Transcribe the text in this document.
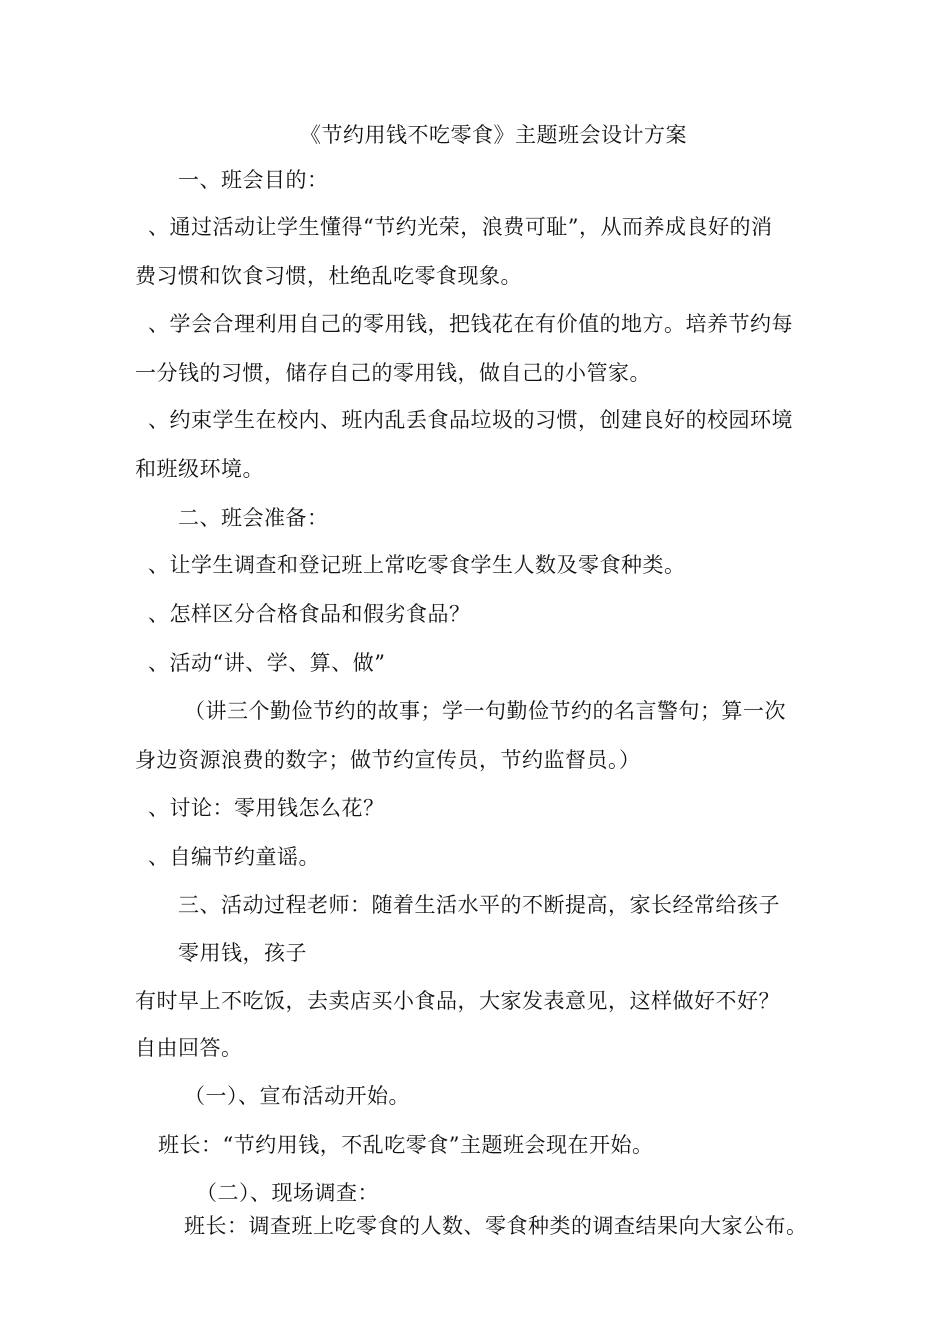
《节约用钱不吃零食》主题班会设计方案
一、班会目的：
、通过活动让学生懂得“节约光荣，浪费可耻”，从而养成良好的消
费习惯和饮食习惯，杜绝乱吃零食现象。
、学会合理利用自己的零用钱，把钱花在有价值的地方。培养节约每
一分钱的习惯，储存自己的零用钱，做自己的小管家。
、约束学生在校内、班内乱丢食品垃圾的习惯，创建良好的校园环境
和班级环境。
二、班会准备：
、让学生调查和登记班上常吃零食学生人数及零食种类。
、怎样区分合格食品和假劣食品？
、活动“讲、学、算、做”
（讲三个勤俭节约的故事；学一句勤俭节约的名言警句；算一次
身边资源浪费的数字；做节约宣传员，节约监督员。）
、讨论：零用钱怎么花？
、自编节约童谣。
三、活动过程老师：随着生活水平的不断提高，家长经常给孩子
零用钱，孩子
有时早上不吃饭，去卖店买小食品，大家发表意见，这样做好不好？
自由回答。
（一）、宣布活动开始。
班长：“节约用钱，不乱吃零食”主题班会现在开始。
（二）、现场调查：
班长：调查班上吃零食的人数、零食种类的调查结果向大家公布。
